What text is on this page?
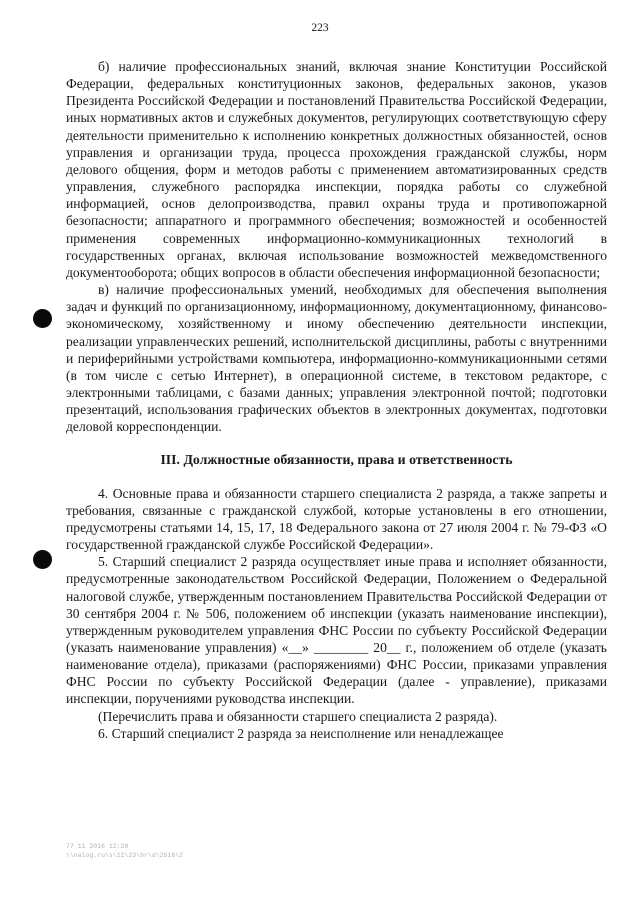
223

б) наличие профессиональных знаний, включая знание Конституции Российской Федерации, федеральных конституционных законов, федеральных законов, указов Президента Российской Федерации и постановлений Правительства Российской Федерации, иных нормативных актов и служебных документов, регулирующих соответствующую сферу деятельности применительно к исполнению конкретных должностных обязанностей, основ управления и организации труда, процесса прохождения гражданской службы, норм делового общения, форм и методов работы с применением автоматизированных средств управления, служебного распорядка инспекции, порядка работы со служебной информацией, основ делопроизводства, правил охраны труда и противопожарной безопасности; аппаратного и программного обеспечения; возможностей и особенностей применения современных информационно-коммуникационных технологий в государственных органах, включая использование возможностей межведомственного документооборота; общих вопросов в области обеспечения информационной безопасности;

в) наличие профессиональных умений, необходимых для обеспечения выполнения задач и функций по организационному, информационному, документационному, финансово-экономическому, хозяйственному и иному обеспечению деятельности инспекции, реализации управленческих решений, исполнительской дисциплины, работы с внутренними и периферийными устройствами компьютера, информационно-коммуникационными сетями (в том числе с сетью Интернет), в операционной системе, в текстовом редакторе, с электронными таблицами, с базами данных; управления электронной почтой; подготовки презентаций, использования графических объектов в электронных документах, подготовки деловой корреспонденции.

III. Должностные обязанности, права и ответственность

4. Основные права и обязанности старшего специалиста 2 разряда, а также запреты и требования, связанные с гражданской службой, которые установлены в его отношении, предусмотрены статьями 14, 15, 17, 18 Федерального закона от 27 июля 2004 г. № 79-ФЗ «О государственной гражданской службе Российской Федерации».

5. Старший специалист 2 разряда осуществляет иные права и исполняет обязанности, предусмотренные законодательством Российской Федерации, Положением о Федеральной налоговой службе, утвержденным постановлением Правительства Российской Федерации от 30 сентября 2004 г. № 506, положением об инспекции (указать наименование инспекции), утвержденным руководителем управления ФНС России по субъекту Российской Федерации (указать наименование управления) «__» ________ 20__ г., положением об отделе (указать наименование отдела), приказами (распоряжениями) ФНС России, приказами управления ФНС России по субъекту Российской Федерации (далее - управление), приказами инспекции, поручениями руководства инспекции.

(Перечислить права и обязанности старшего специалиста 2 разряда).

6. Старший специалист 2 разряда за неисполнение или ненадлежащее

77 11 2016 12:20
\\nalog.ru\s\11\23\hr\d\2516\2
